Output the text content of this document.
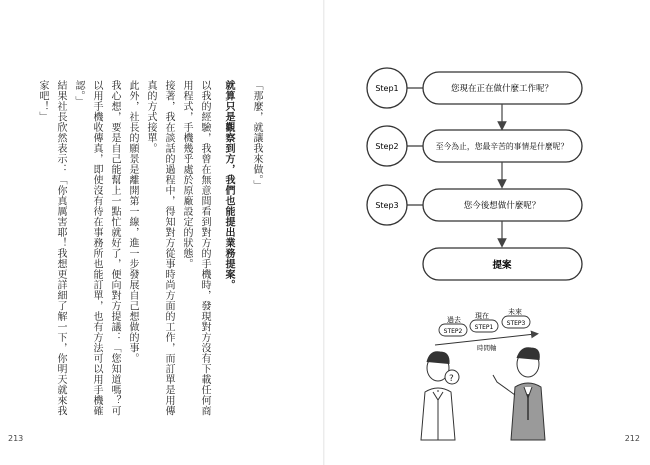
「那麼，就讓我來做。」
就算只是觀察到方，我們也能提出業務提案。
以我的經驗，我曾在無意間看到對方的手機時，發現對方沒有下載任何商用程式，手機幾乎處於原廠設定的狀態。
接著，我在談話的過程中，得知對方從事時尚方面的工作，而訂單是用傳真的方式接單。
此外，社長的願景是離開第一線，進一步發展自己想做的事。
我心想，要是自己能幫上一點忙就好了，便向對方提議：「您知道嗎？可以用手機收傳真，即使沒有待在事務所也能訂單，也有方法可以用手機確認。」
結果社長欣然表示：「你真厲害耶！我想更詳細了解一下，你明天就來我家吧！」
213
Step1	您現在正在做什麼工作呢？
Step2	至今為止，您最辛苦的事情是什麼呢？
Step3	您今後想做什麼呢？
提案
過去 現在	未來
STEP2
STEP1
STEP3
時間軸
?
212
